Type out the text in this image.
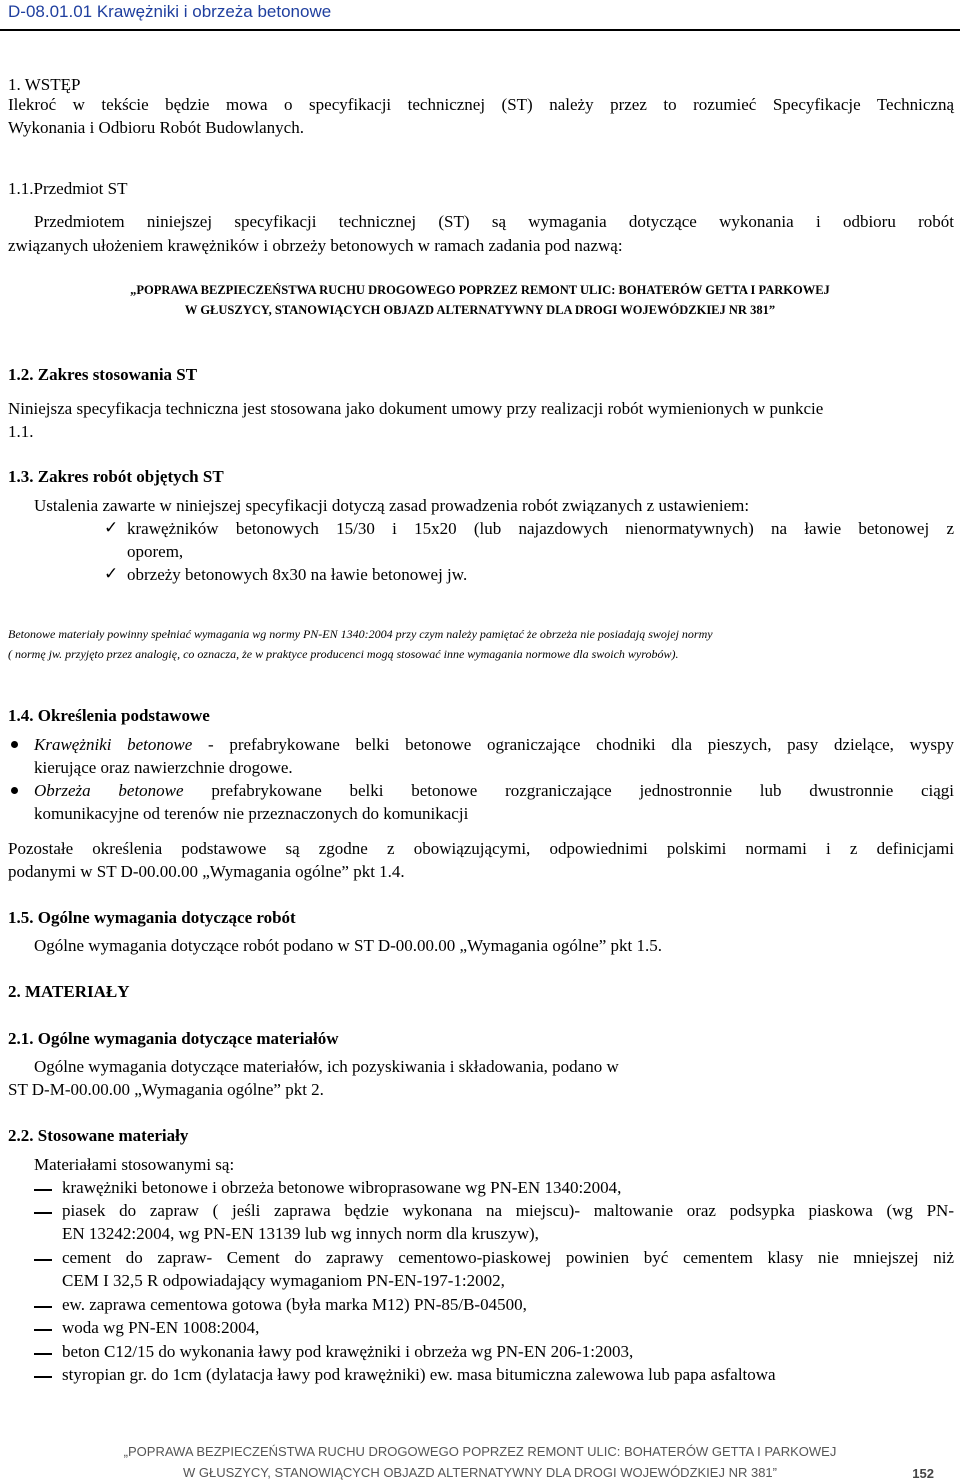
D-08.01.01 Krawężniki i obrzeża betonowe
1. WSTĘP
Ilekroć w tekście będzie mowa o specyfikacji technicznej (ST) należy przez to rozumieć Specyfikacje Techniczną
Wykonania i Odbioru Robót Budowlanych.
1.1.Przedmiot ST
Przedmiotem niniejszej specyfikacji technicznej (ST) są wymagania dotyczące wykonania i odbioru robót
związanych ułożeniem krawężników i obrzeży betonowych w ramach zadania pod nazwą:
„POPRAWA BEZPIECZEŃSTWA RUCHU DROGOWEGO POPRZEZ REMONT ULIC: BOHATERÓW GETTA I PARKOWEJ
W GŁUSZYCY, STANOWIĄCYCH OBJAZD ALTERNATYWNY DLA DROGI WOJEWÓDZKIEJ NR 381”
1.2. Zakres stosowania ST
Niniejsza specyfikacja techniczna jest stosowana jako dokument umowy przy realizacji robót wymienionych w punkcie
1.1.
1.3. Zakres robót objętych ST
Ustalenia zawarte w niniejszej specyfikacji dotyczą zasad prowadzenia robót związanych z ustawieniem:
✓ krawężników betonowych 15/30 i 15x20 (lub najazdowych nienormatywnych) na ławie betonowej z
oporem,
✓ obrzeży betonowych 8x30 na ławie betonowej jw.
Betonowe materiały powinny spełniać wymagania wg normy PN-EN 1340:2004 przy czym należy pamiętać że obrzeża nie posiadają swojej normy
( normę jw. przyjęto przez analogię, co oznacza, że w praktyce producenci mogą stosować inne wymagania normowe dla swoich wyrobów).
1.4. Określenia podstawowe
Krawężniki betonowe - prefabrykowane belki betonowe ograniczające chodniki dla pieszych, pasy dzielące, wyspy
kierujące oraz nawierzchnie drogowe.
Obrzeża betonowe prefabrykowane belki betonowe rozgraniczające jednostronnie lub dwustronnie ciągi
komunikacyjne od terenów nie przeznaczonych do komunikacji
Pozostałe określenia podstawowe są zgodne z obowiązującymi, odpowiednimi polskimi normami i z definicjami
podanymi w ST D-00.00.00 „Wymagania ogólne” pkt 1.4.
1.5. Ogólne wymagania dotyczące robót
Ogólne wymagania dotyczące robót podano w ST D-00.00.00 „Wymagania ogólne” pkt 1.5.
2. MATERIAŁY
2.1. Ogólne wymagania dotyczące materiałów
Ogólne wymagania dotyczące materiałów, ich pozyskiwania i składowania, podano w
ST D-M-00.00.00 „Wymagania ogólne” pkt 2.
2.2. Stosowane materiały
Materiałami stosowanymi są:
krawężniki betonowe i obrzeża betonowe wibroprasowane wg PN-EN 1340:2004,
piasek do zapraw ( jeśli zaprawa będzie wykonana na miejscu)- maltowanie oraz podsypka piaskowa (wg PN-
EN 13242:2004, wg PN-EN 13139 lub wg innych norm dla kruszyw),
cement do zapraw- Cement do zaprawy cementowo-piaskowej powinien być cementem klasy nie mniejszej niż
CEM I 32,5 R odpowiadający wymaganiom PN-EN-197-1:2002,
ew. zaprawa cementowa gotowa (była marka M12) PN-85/B-04500,
woda wg PN-EN 1008:2004,
beton C12/15 do wykonania ławy pod krawężniki i obrzeża wg PN-EN 206-1:2003,
styropian gr. do 1cm (dylatacja ławy pod krawężniki) ew. masa bitumiczna zalewowa lub papa asfaltowa
„POPRAWA BEZPIECZEŃSTWA RUCHU DROGOWEGO POPRZEZ REMONT ULIC: BOHATERÓW GETTA I PARKOWEJ
W GŁUSZYCY, STANOWIĄCYCH OBJAZD ALTERNATYWNY DLA DROGI WOJEWÓDZKIEJ NR 381”	152
